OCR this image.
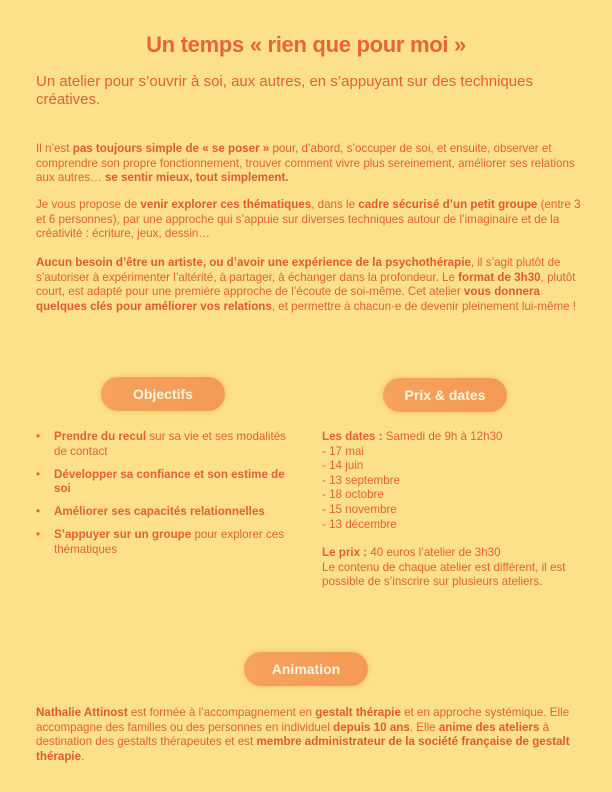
Un temps « rien que pour moi »

Un atelier pour s’ouvrir à soi, aux autres, en s’appuyant sur des techniques créatives.

Il n’est pas toujours simple de « se poser » pour, d’abord, s’occuper de soi, et ensuite, observer et comprendre son propre fonctionnement, trouver comment vivre plus sereinement, améliorer ses relations aux autres… se sentir mieux, tout simplement.

Je vous propose de venir explorer ces thématiques, dans le cadre sécurisé d’un petit groupe (entre 3 et 6 personnes), par une approche qui s’appuie sur diverses techniques autour de l’imaginaire et de la créativité : écriture, jeux, dessin…

Aucun besoin d’être un artiste, ou d’avoir une expérience de la psychothérapie, il s’agit plutôt de s’autoriser à expérimenter l’altérité, à partager, à échanger dans la profondeur. Le format de 3h30, plutôt court, est adapté pour une première approche de l’écoute de soi-même. Cet atelier vous donnera quelques clés pour améliorer vos relations, et permettre à chacun·e de devenir pleinement lui-même !

Objectifs	Prix & dates
• Prendre du recul sur sa vie et ses modalités de contact
• Développer sa confiance et son estime de soi
• Améliorer ses capacités relationnelles
• S’appuyer sur un groupe pour explorer ces thématiques
Les dates : Samedi de 9h à 12h30
- 17 mai
- 14 juin
- 13 septembre
- 18 octobre
- 15 novembre
- 13 décembre
Le prix : 40 euros l’atelier de 3h30
Le contenu de chaque atelier est différent, il est possible de s’inscrire sur plusieurs ateliers.
Animation

Nathalie Attinost est formée à l’accompagnement en gestalt thérapie et en approche systémique. Elle accompagne des familles ou des personnes en individuel depuis 10 ans. Elle anime des ateliers à destination des gestalts thérapeutes et est membre administrateur de la société française de gestalt thérapie.
